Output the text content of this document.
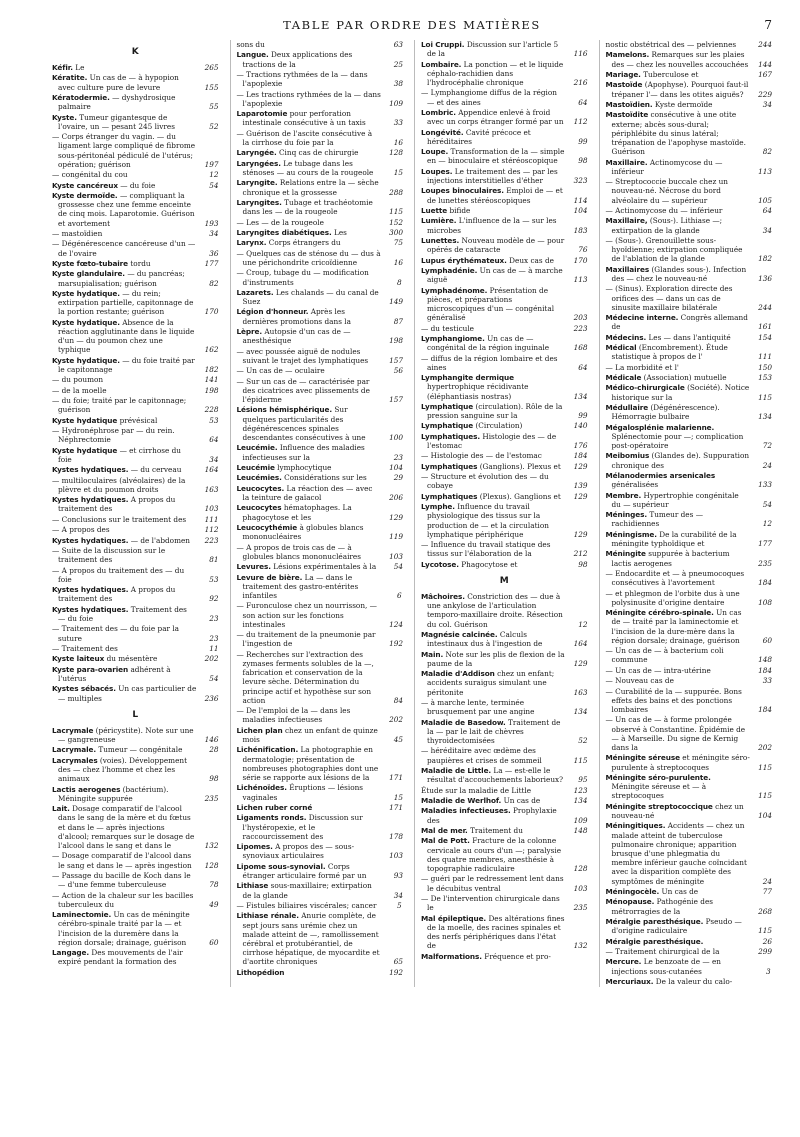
TABLE PAR ORDRE DES MATIÈRES	7
K
Kéfir. Le	265
Kératite. Un cas de — à hypopion avec culture pure de levure	155
Kératodermie. — dyshydrosique palmaire	55
Kyste. Tumeur gigantesque de l'ovaire, un — pesant 245 livres	52
— Corps étranger du vagin. — du ligament large compliqué de fibrome sous-péritonéal pédiculé de l'utérus; opération; guérison	197
— congénital du cou	12
Kyste cancéreux — du foie	54
Kyste dermoïde. — compliquant la grossesse chez une femme enceinte de cinq mois. Laparotomie. Guérison et avortement	193
— mastoïdien	34
— Dégénérescence cancéreuse d'un — de l'ovaire	36
Kyste fœto-tubaire tordu	177
Kyste glandulaire. — du pancréas; marsupialisation; guérison	82
Kyste hydatique. — du rein; extirpation partielle, capitonnage de la portion restante; guérison	170
Kyste hydatique. Absence de la réaction agglutinante dans le liquide d'un — du poumon chez une typhique	162
Kyste hydatique. — du foie traité par le capitonnage	182
— du poumon	141
— de la moelle	198
— du foie; traité par le capitonnage; guérison	228
Kyste hydatique prévésical	53
— Hydronéphrose par — du rein. Néphrectomie	64
Kyste hydatique — et cirrhose du foie	34
Kystes hydatiques. — du cerveau	164
— multiloculaires (alvéolaires) de la plèvre et du poumon droits	163
Kystes hydatiques. A propos du traitement des	103
— Conclusions sur le traitement des	111
— A propos des	112
Kystes hydatiques. — de l'abdomen 223
— Suite de la discussion sur le traitement des	81
— A propos du traitement des — du foie	53
Kystes hydatiques. A propos du traitement des	92
Kystes hydatiques. Traitement des — du foie	23
— Traitement des — du foie par la suture	23
— Traitement des	11
Kyste laiteux du mésentère	202
Kyste para-ovarien adhérent à l'utérus	54
Kystes sébacés. Un cas particulier de — multiples	236
L
Lacrymale (péricystite). Note sur une — gangreneuse	146
Lacrymale. Tumeur — congénitale	28
Lacrymales (voies). Développement des — chez l'homme et chez les animaux	98
Lactis aerogenes (bactérium). Méningite suppurée	235
Lait. Dosage comparatif de l'alcool dans le sang de la mère et du fœtus et dans le — après injections d'alcool; remarques sur le dosage de l'alcool dans le sang et dans le	132
— Dosage comparatif de l'alcool dans le sang et dans le — après ingestion 128
— Passage du bacille de Koch dans le — d'une femme tuberculeuse	78
— Action de la chaleur sur les bacilles tuberculeux du	49
Laminectomie. Un cas de méningite cérébro-spinale traité par la — et l'incision de la duremère dans la région dorsale; drainage, guérison	60
Langage. Des mouvements de l'air expiré pendant la formation des
sons du	63
Langue. Deux applications des tractions de la	25
— Tractions rythmées de la — dans l'apoplexie	38
— Les tractions rythmées de la — dans l'apoplexie	109
Laparotomie pour perforation intestinale consécutive à un taxis	33
— Guérison de l'ascite consécutive à la cirrhose du foie par la	16
Laryngée. Cinq cas de chirurgie	128
Laryngées. Le tubage dans les sténoses — au cours de la rougeole	15
Laryngite. Relations entre la — sèche chronique et la grossesse	288
Laryngites. Tubage et trachéotomie dans les — de la rougeole	115
— Les — de la rougeole	152
Laryngites diabétiques. Les	300
Larynx. Corps étrangers du	75
— Quelques cas de sténose du — dus à une périchondrite cricoïdienne	16
— Croup, tubage du — modification d'instruments	8
Lazarets. Les chalands — du canal de Suez	149
Légion d'honneur. Après les dernières promotions dans la	87
Lèpre. Autopsie d'un cas de — anesthésique	198
— avec poussée aiguë de nodules suivant le trajet des lymphatiques	157
— Un cas de — oculaire	56
— Sur un cas de — caractérisée par des cicatrices avec plissements de l'épiderme	157
Lésions hémisphérique. Sur quelques particularités des dégénérescences spinales descendantes consécutives à une	100
Leucémie. Influence des maladies infectieuses sur la	23
Leucémie lymphocytique	104
Leucémies. Considérations sur les	29
Leucocytes. La réaction des — avec la teinture de gaïacol	206
Leucocytes hématophages. La phagocytose et les	129
Leucocythémie à globules blancs mononucléaires	119
— A propos de trois cas de — à globules blancs mononucléaires	103
Levures. Lésions expérimentales à la 54
Levure de bière. La — dans le traitement des gastro-entérites infantiles	6
— Furonculose chez un nourrisson, — son action sur les fonctions intestinales	124
— du traitement de la pneumonie par l'ingestion de	192
— Recherches sur l'extraction des zymases ferments solubles de la —, fabrication et conservation de la levure sèche. Détermination du principe actif et hypothèse sur son action	84
— De l'emploi de la — dans les maladies infectieuses	202
Lichen plan chez un enfant de quinze mois	45
Lichénification. La photographie en dermatologie; présentation de nombreuses photographies dont une série se rapporte aux lésions de la	171
Lichénoïdes. Éruptions — lésions vaginales	15
Lichen ruber corné	171
Ligaments ronds. Discussion sur l'hystéropexie, et le raccourcissement des	178
Lipomes. A propos des — sous-synoviaux articulaires	103
Lipome sous-synovial. Corps étranger articulaire formé par un	93
Lithiase sous-maxillaire; extirpation de la glande	34
— Fistules biliaires viscérales; cancer	5
Lithiase rénale. Anurie complète, de sept jours sans urémie chez un malade atteint de —, ramollissement cérébral et protubérantiel, de cirrhose hépatique, de myocardite et d'aortite chroniques	65
Lithopédion	192
Loi Cruppi. Discussion sur l'article 5 de la	116
Lombaire. La ponction — et le liquide céphalo-rachidien dans l'hydrocéphalie chronique	216
— Lymphangiome diffus de la région — et des aines	64
Lombric. Appendice enlevé à froid avec un corps étranger formé par un 112
Longévité. Cavité précoce et héréditaires	99
Loupe. Transformation de la — simple en — binoculaire et stéréoscopique	98
Loupes. Le traitement des — par les injections interstitielles d'éther	323
Loupes binoculaires. Emploi de — et de lunettes stéréoscopiques	114
Luette bifide	104
Lumière. L'influence de la — sur les microbes	183
Lunettes. Nouveau modèle de — pour opérés de cataracte	76
Lupus érythémateux. Deux cas de	170
Lymphadénie. Un cas de — à marche aiguë	113
Lymphadénome. Présentation de pièces, et préparations microscopiques d'un — congénital généralisé	203
— du testicule	223
Lymphangiome. Un cas de — congénital de la région inguinale	168
— diffus de la région lombaire et des aines	64
Lymphangite dermique hypertrophique récidivante (éléphantiasis nostras)	134
Lymphatique (circulation). Rôle de la pression sanguine sur la	99
Lymphatique (Circulation)	140
Lymphatiques. Histologie des — de l'estomac	176
— Histologie des — de l'estomac	184
Lymphatiques (Ganglions). Plexus et 129
— Structure et évolution des — du cobaye	139
Lymphatiques (Plexus). Ganglions et 129
Lymphe. Influence du travail physiologique des tissus sur la production de — et la circulation lymphatique périphérique	129
— Influence du travail statique des tissus sur l'élaboration de la	212
Lycotose. Phagocytose et	98
M
Mâchoires. Constriction des — due à une ankylose de l'articulation temporo-maxillaire droite. Résection du col. Guérison	12
Magnésie calcinée. Calculs intestinaux dus à l'ingestion de	164
Main. Note sur les plis de flexion de la paume de la	129
Maladie d'Addison chez un enfant; accidents suraigus simulant une péritonite	163
— à marche lente, terminée brusquement par une angine	134
Maladie de Basedow. Traitement de la — par le lait de chèvres thyroidectomisées	52
— héréditaire avec œdème des paupières et crises de sommeil	115
Maladie de Little. La — est-elle le résultat d'accouchements laborieux? 95
Étude sur la maladie de Little	123
Maladie de Werlhof. Un cas de	134
Maladies infectieuses. Prophylaxie des	109
Mal de mer. Traitement du	148
Mal de Pott. Fracture de la colonne cervicale au cours d'un —; paralysie des quatre membres, anesthésie à topographie radiculaire	128
— guéri par le redressement lent dans le décubitus ventral	103
— De l'intervention chirurgicale dans le	235
Mal épileptique. Des altérations fines de la moelle, des racines spinales et des nerfs périphériques dans l'état de	132
Malformations. Fréquence et pro-
nostic obstétrical des — pelviennes	244
Mamelons. Remarques sur les plaies des — chez les nouvelles accouchées 144
Mariage. Tuberculose et	167
Mastoïde (Apophyse). Pourquoi faut-il trépaner l'— dans les otites aiguës? 229
Mastoïdien. Kyste dermoïde	34
Mastoïdite consécutive à une otite externe; abcès sous-dural; périphlébite du sinus latéral; trépanation de l'apophyse mastoïde. Guérison	82
Maxillaire. Actinomycose du — inférieur	113
— Streptococcie buccale chez un nouveau-né. Nécrose du bord alvéolaire du — supérieur	105
— Actinomycose du — inférieur	64
Maxillaire, (Sous-). Lithiase —; extirpation de la glande	34
— (Sous-). Grenouillette sous-hyoïdienne; extirpation compliquée de l'ablation de la glande	182
Maxillaires (Glandes sous-). Infection des — chez le nouveau-né	136
— (Sinus). Exploration directe des orifices des — dans un cas de sinusite maxillaire bilatérale	244
Médecine interne. Congrès allemand de	161
Médecins. Les — dans l'antiquité	154
Médical (Encombrement). Étude statistique à propos de l'	111
— La morbidité et l'	150
Médicale (Association) mutuelle	153
Médico-chirurgicale (Société). Notice historique sur la	115
Médullaire (Dégénérescence). Hémorragie bulbaire	134
Mégalosplénie malarienne. Splénectomie pour —; complication post-opératoire	72
Meibomius (Glandes de). Suppuration chronique des	24
Mélanodermies arsenicales généralisées	133
Membre. Hypertrophie congénitale du — supérieur	54
Méninges. Tumeur des — rachidiennes	12
Méningisme. De la curabilité de la méningite typhoïdique et	177
Méningite suppurée à bacterium lactis aerogenes	235
— Endocardite et — à pneumocoques consécutives à l'avortement	184
— et phlegmon de l'orbite dus à une polysinusite d'origine dentaire	108
Méningite cérébro-spinale. Un cas de — traité par la laminectomie et l'incision de la dure-mère dans la région dorsale; drainage, guérison	60
— Un cas de — à bacterium coli commune	148
— Un cas de — intra-utérine	184
— Nouveau cas de	33
— Curabilité de la — suppurée. Bons effets des bains et des ponctions lombaires	184
— Un cas de — à forme prolongée observé à Constantine. Épidémie de — à Marseille. Du signe de Kernig dans la	202
Méningite séreuse et méningite séro-purulente à streptocoques	115
Méningite séro-purulente. Méningite séreuse et — à streptocoques	115
Méningite streptococcique chez un nouveau-né	104
Méningitiques. Accidents — chez un malade atteint de tuberculose pulmonaire chronique; apparition brusque d'une phlegmatia du membre inférieur gauche coïncidant avec la disparition complète des symptômes de méningite	24
Méningocèle. Un cas de	77
Ménopause. Pathogénie des métrorragies de la	268
Méralgie paresthésique. Pseudo — d'origine radiculaire	115
Méralgie paresthésique.	26
— Traitement chirurgical de la	299
Mercure. Le benzoate de — en injections sous-cutanées	3
Mercuriaux. De la valeur du calo-
